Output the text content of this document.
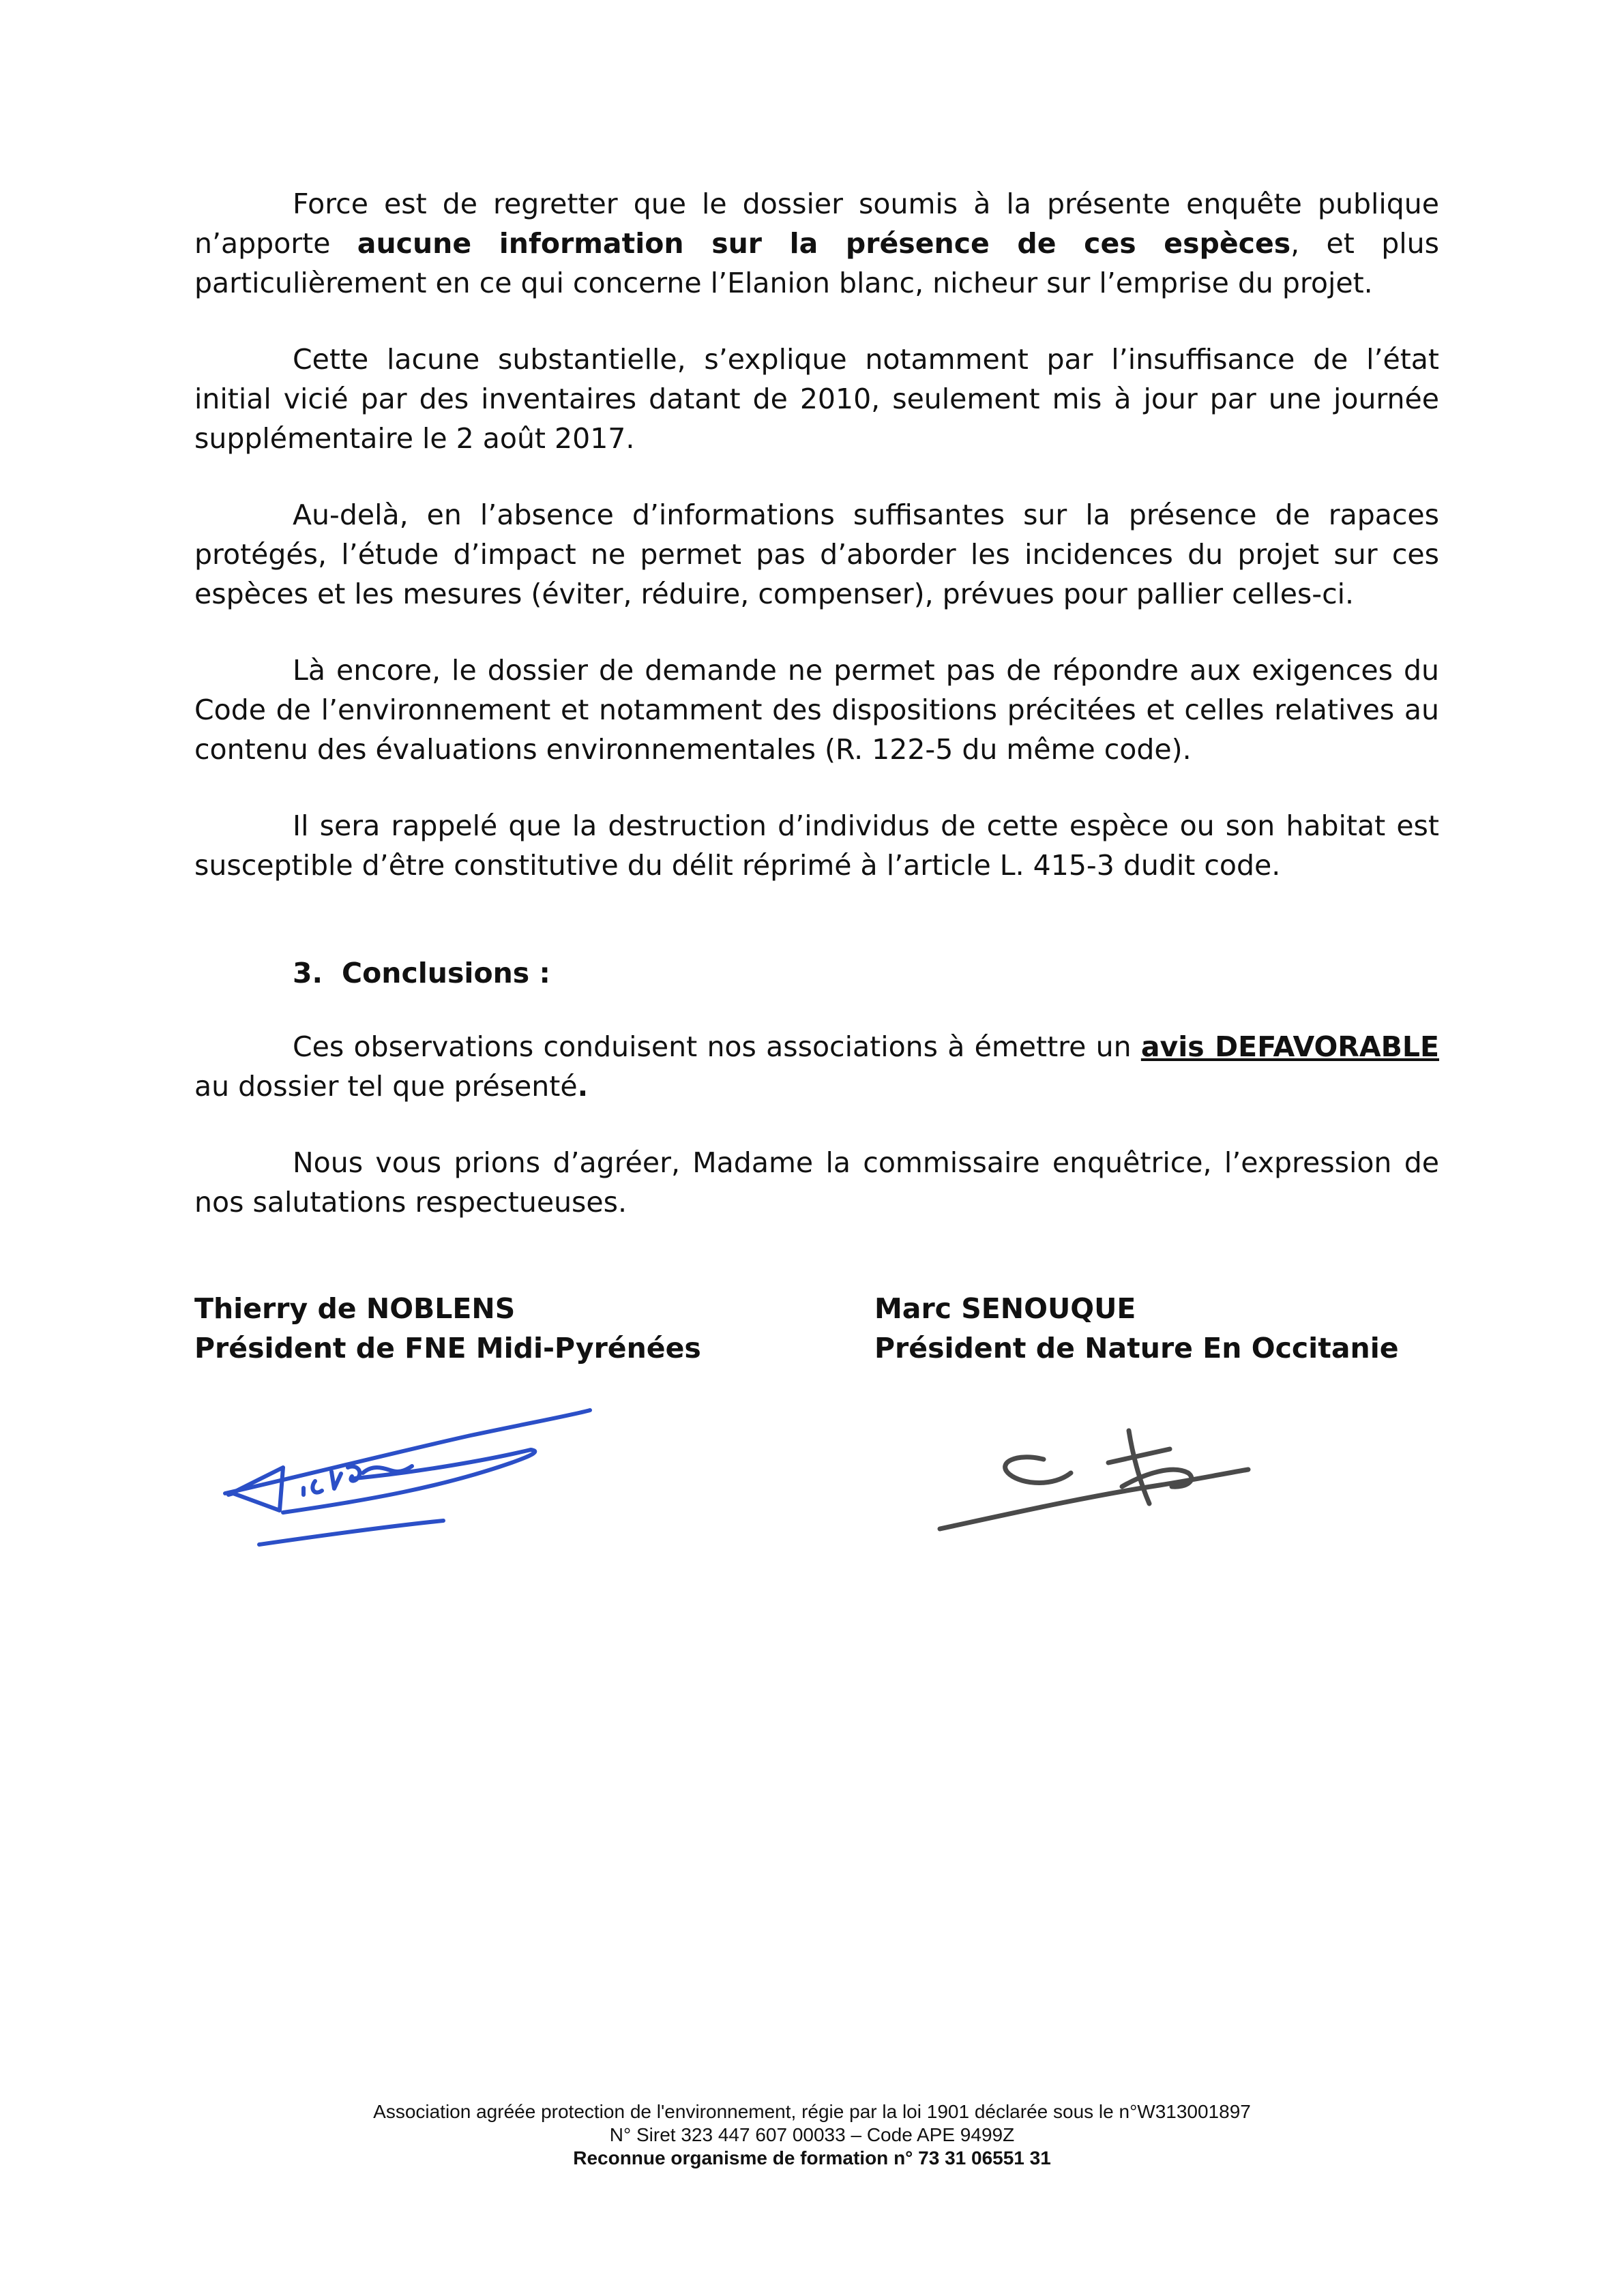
Force est de regretter que le dossier soumis à la présente enquête publique n’apporte aucune information sur la présence de ces espèces, et plus particulièrement en ce qui concerne l’Elanion blanc, nicheur sur l’emprise du projet.

Cette lacune substantielle, s’explique notamment par l’insuffisance de l’état initial vicié par des inventaires datant de 2010, seulement mis à jour par une journée supplémentaire le 2 août 2017.

Au-delà, en l’absence d’informations suffisantes sur la présence de rapaces protégés, l’étude d’impact ne permet pas d’aborder les incidences du projet sur ces espèces et les mesures (éviter, réduire, compenser), prévues pour pallier celles-ci.

Là encore, le dossier de demande ne permet pas de répondre aux exigences du Code de l’environnement et notamment des dispositions précitées et celles relatives au contenu des évaluations environnementales (R. 122-5 du même code).

Il sera rappelé que la destruction d’individus de cette espèce ou son habitat est susceptible d’être constitutive du délit réprimé à l’article L. 415-3 dudit code.

3. Conclusions :

Ces observations conduisent nos associations à émettre un avis DEFAVORABLE au dossier tel que présenté.

Nous vous prions d’agréer, Madame la commissaire enquêtrice, l’expression de nos salutations respectueuses.

Thierry de NOBLENS
Président de FNE Midi-Pyrénées
Marc SENOUQUE
Président de Nature En Occitanie
Association agréée protection de l'environnement, régie par la loi 1901 déclarée sous le n°W313001897
N° Siret 323 447 607 00033 – Code APE 9499Z
Reconnue organisme de formation n° 73 31 06551 31
